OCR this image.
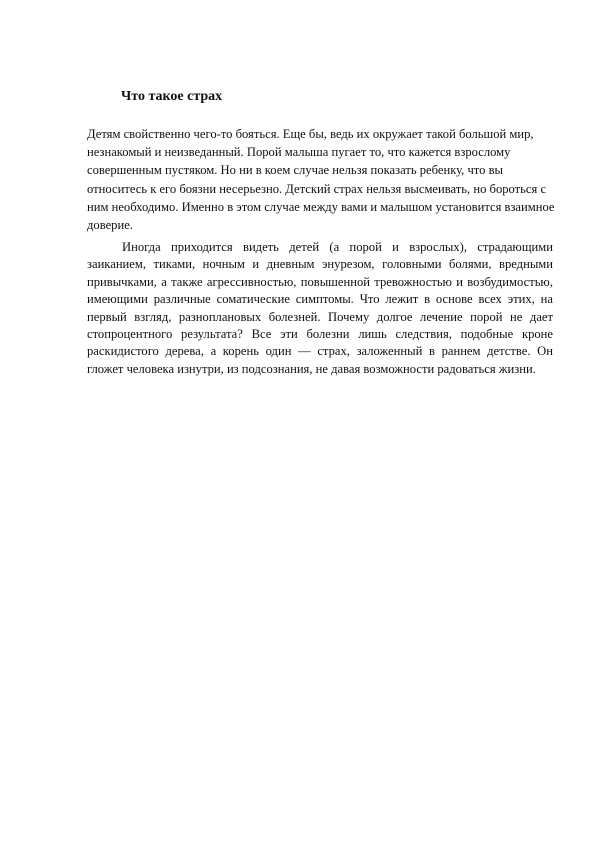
Что такое страх

Детям свойственно чего-то бояться. Еще бы, ведь их окружает такой большой мир, незнакомый и неизведанный. Порой малыша пугает то, что кажется взрослому совершенным пустяком. Но ни в коем случае нельзя показать ребенку, что вы относитесь к его боязни несерьезно. Детский страх нельзя высмеивать, но бороться с ним необходимо. Именно в этом случае между вами и малышом установится взаимное доверие.

Иногда приходится видеть детей (а порой и взрослых), страдающими заиканием, тиками, ночным и дневным энурезом, головными болями, вредными привычками, а также агрессивностью, повышенной тревожностью и возбудимостью, имеющими различные соматические симптомы. Что лежит в основе всех этих, на первый взгляд, разноплановых болезней. Почему долгое лечение порой не дает стопроцентного результата? Все эти болезни лишь следствия, подобные кроне раскидистого дерева, а корень один — страх, заложенный в раннем детстве. Он гложет человека изнутри, из подсознания, не давая возможности радоваться жизни.
